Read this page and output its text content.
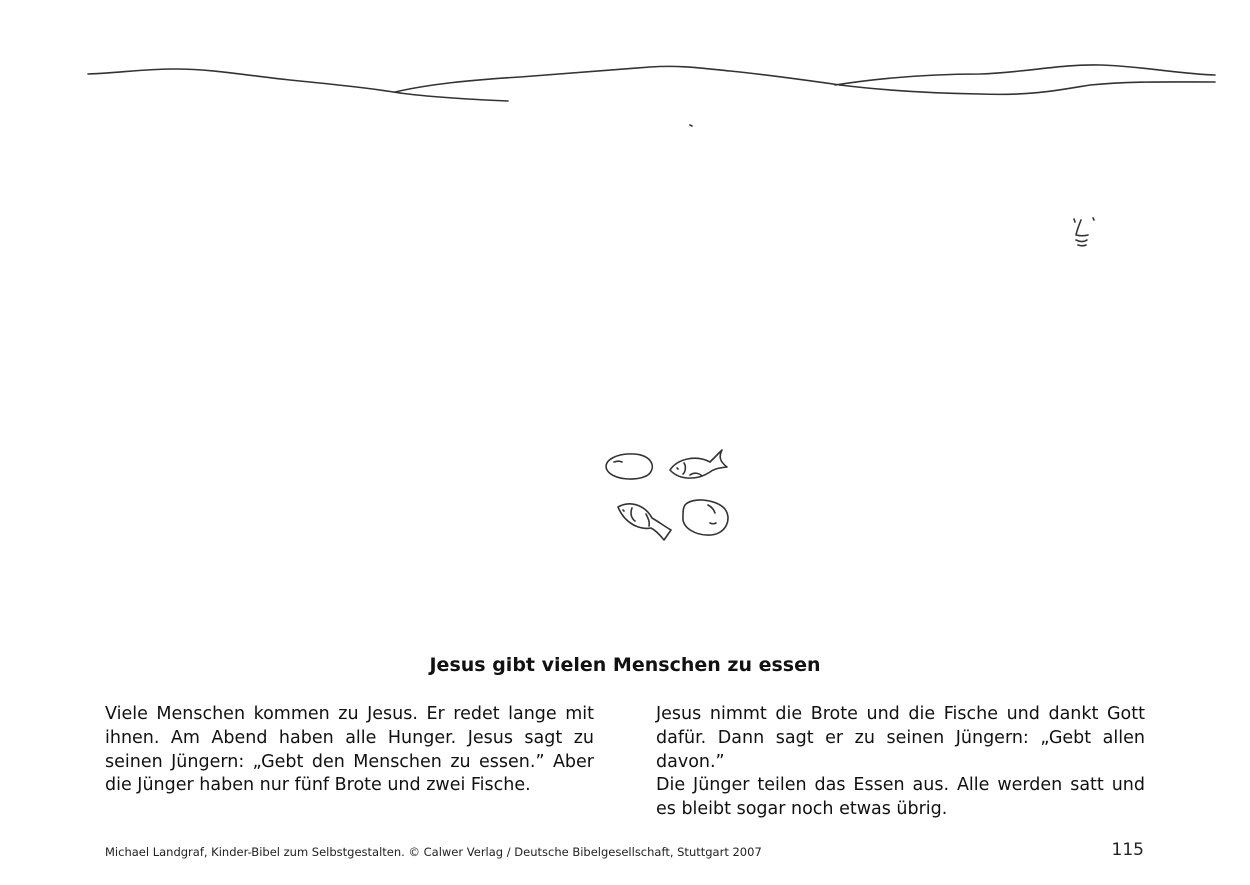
Jesus gibt vielen Menschen zu essen

Viele Menschen kommen zu Jesus. Er redet lange mit ihnen. Am Abend haben alle Hunger. Jesus sagt zu seinen Jüngern: „Gebt den Menschen zu essen.” Aber die Jünger haben nur fünf Brote und zwei Fische.

Jesus nimmt die Brote und die Fische und dankt Gott dafür. Dann sagt er zu seinen Jüngern: „Gebt allen davon.”

Die Jünger teilen das Essen aus. Alle werden satt und es bleibt sogar noch etwas übrig.

Michael Landgraf, Kinder-Bibel zum Selbstgestalten. © Calwer Verlag / Deutsche Bibelgesellschaft, Stuttgart 2007	115
